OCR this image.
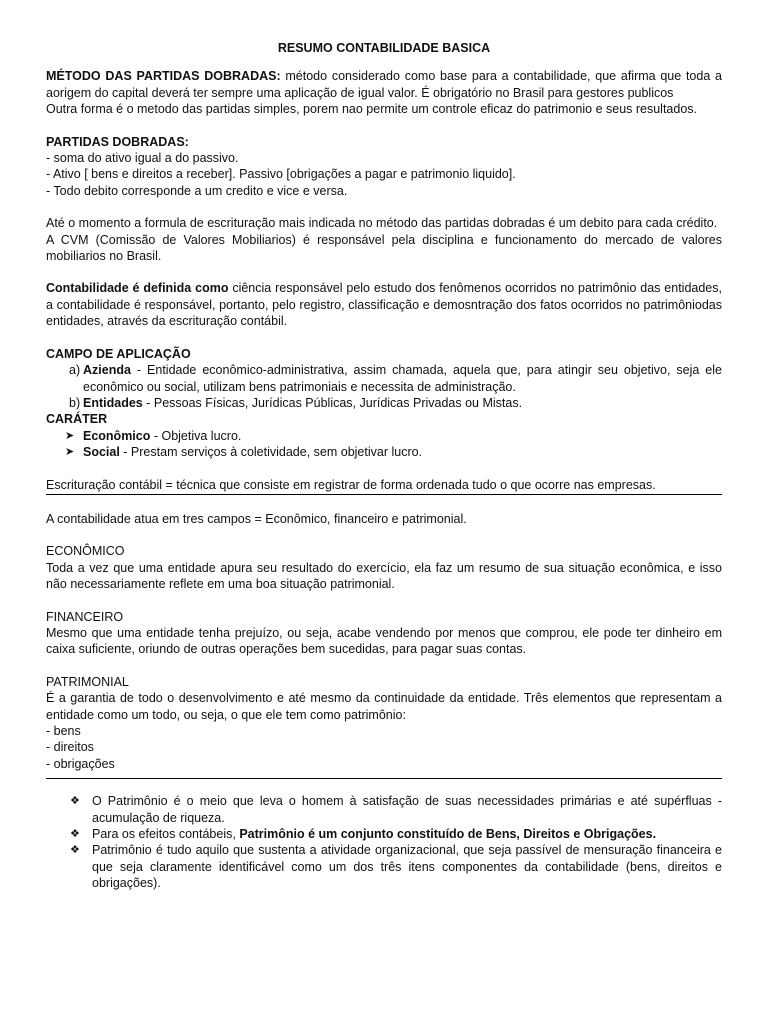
RESUMO CONTABILIDADE BASICA

MÉTODO DAS PARTIDAS DOBRADAS: método considerado como base para a contabilidade, que afirma que toda a aorigem do capital deverá ter sempre uma aplicação de igual valor. É obrigatório no Brasil para gestores publicos

Outra forma é o metodo das partidas simples, porem nao permite um controle eficaz do patrimonio e seus resultados.

PARTIDAS DOBRADAS:
- soma do ativo igual a do passivo.
- Ativo [ bens e direitos a receber]. Passivo [obrigações a pagar e patrimonio liquido].
- Todo debito corresponde a um credito e vice e versa.

Até o momento a formula de escrituração mais indicada no método das partidas dobradas é um debito para cada crédito.

A CVM (Comissão de Valores Mobiliarios) é responsável pela disciplina e funcionamento do mercado de valores mobiliarios no Brasil.

Contabilidade é definida como ciência responsável pelo estudo dos fenômenos ocorridos no patrimônio das entidades, a contabilidade é responsável, portanto, pelo registro, classificação e demosntração dos fatos ocorridos no patrimôniodas entidades, através da escrituração contábil.

CAMPO DE APLICAÇÃO
a) Azienda - Entidade econômico-administrativa, assim chamada, aquela que, para atingir seu objetivo, seja ele econômico ou social, utilizam bens patrimoniais e necessita de administração.
b) Entidades - Pessoas Físicas, Jurídicas Públicas, Jurídicas Privadas ou Mistas.
CARÁTER
➤ Econômico - Objetiva lucro.
➤ Social - Prestam serviços à coletividade, sem objetivar lucro.

Escrituração contábil = técnica que consiste em registrar de forma ordenada tudo o que ocorre nas empresas.

A contabilidade atua em tres campos = Econômico, financeiro e patrimonial.

ECONÔMICO

Toda a vez que uma entidade apura seu resultado do exercício, ela faz um resumo de sua situação econômica, e isso não necessariamente reflete em uma boa situação patrimonial.

FINANCEIRO

Mesmo que uma entidade tenha prejuízo, ou seja, acabe vendendo por menos que comprou, ele pode ter dinheiro em caixa suficiente, oriundo de outras operações bem sucedidas, para pagar suas contas.

PATRIMONIAL

É a garantia de todo o desenvolvimento e até mesmo da continuidade da entidade. Três elementos que representam a entidade como um todo, ou seja, o que ele tem como patrimônio:

- bens
- direitos
- obrigações
❖ O Patrimônio é o meio que leva o homem à satisfação de suas necessidades primárias e até supérfluas - acumulação de riqueza.
❖ Para os efeitos contábeis, Patrimônio é um conjunto constituído de Bens, Direitos e Obrigações.
❖ Patrimônio é tudo aquilo que sustenta a atividade organizacional, que seja passível de mensuração financeira e que seja claramente identificável como um dos três itens componentes da contabilidade (bens, direitos e obrigações).
